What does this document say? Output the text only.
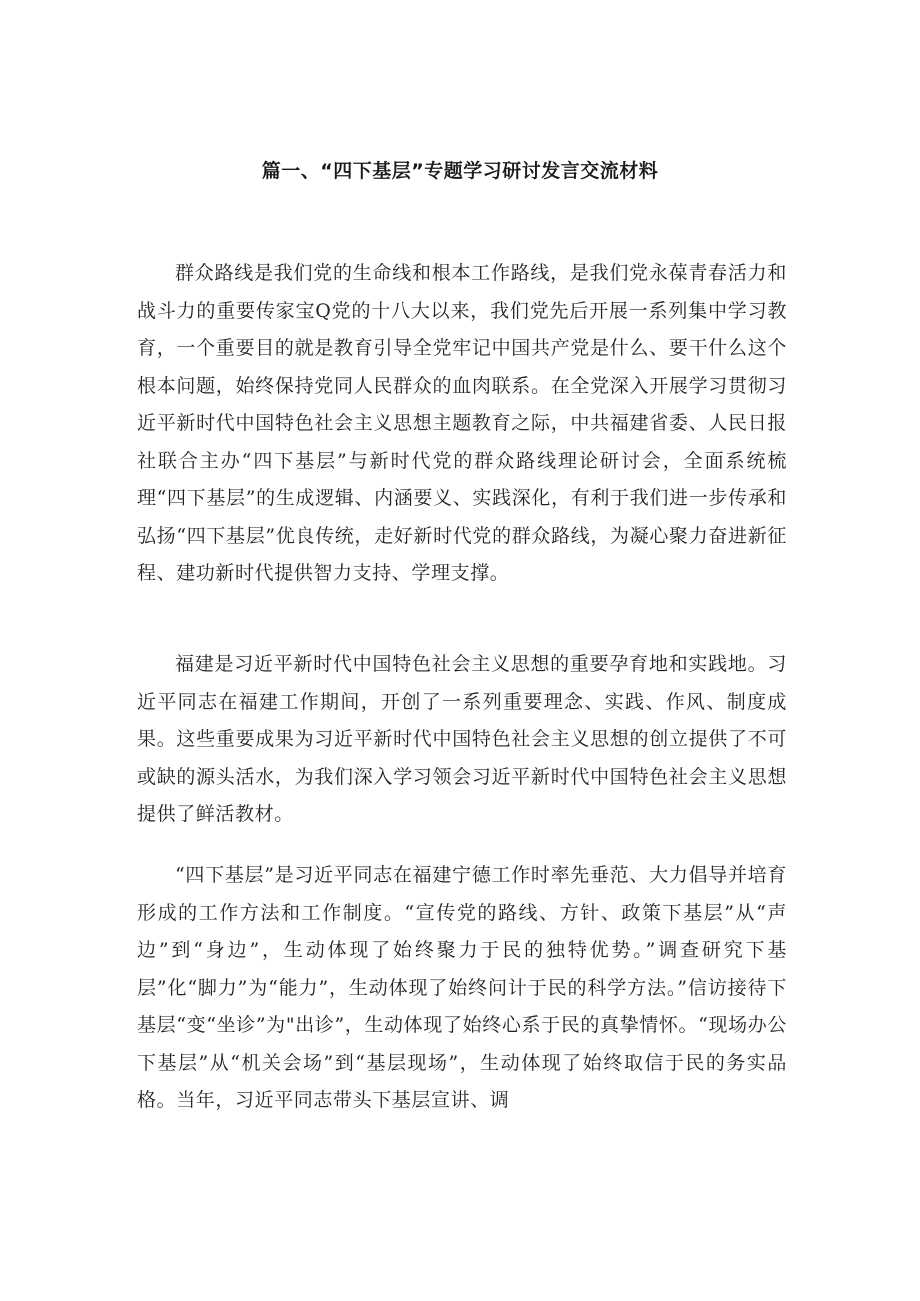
篇一、“四下基层”专题学习研讨发言交流材料

群众路线是我们党的生命线和根本工作路线，是我们党永葆青春活力和战斗力的重要传家宝Q党的十八大以来，我们党先后开展一系列集中学习教育，一个重要目的就是教育引导全党牢记中国共产党是什么、要干什么这个根本问题，始终保持党同人民群众的血肉联系。在全党深入开展学习贯彻习近平新时代中国特色社会主义思想主题教育之际，中共福建省委、人民日报社联合主办“四下基层”与新时代党的群众路线理论研讨会，全面系统梳理“四下基层”的生成逻辑、内涵要义、实践深化，有利于我们进一步传承和弘扬“四下基层”优良传统，走好新时代党的群众路线，为凝心聚力奋进新征程、建功新时代提供智力支持、学理支撑。

福建是习近平新时代中国特色社会主义思想的重要孕育地和实践地。习近平同志在福建工作期间，开创了一系列重要理念、实践、作风、制度成果。这些重要成果为习近平新时代中国特色社会主义思想的创立提供了不可或缺的源头活水，为我们深入学习领会习近平新时代中国特色社会主义思想提供了鲜活教材。

“四下基层”是习近平同志在福建宁德工作时率先垂范、大力倡导并培育形成的工作方法和工作制度。“宣传党的路线、方针、政策下基层”从“声边”到“身边”，生动体现了始终聚力于民的独特优势。”调查研究下基层”化“脚力”为“能力”，生动体现了始终问计于民的科学方法。”信访接待下基层“变“坐诊”为"出诊”，生动体现了始终心系于民的真挚情怀。“现场办公下基层”从“机关会场”到“基层现场”，生动体现了始终取信于民的务实品格。当年，习近平同志带头下基层宣讲、调
